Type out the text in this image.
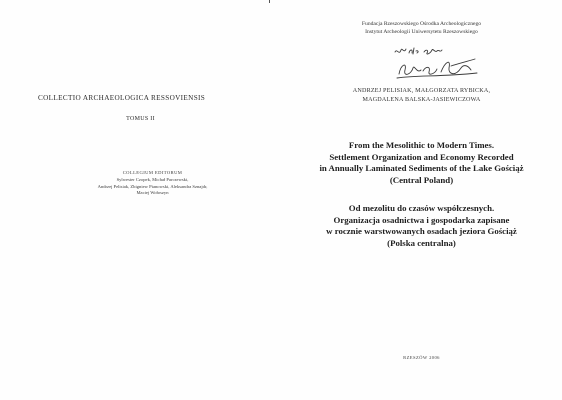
COLLECTIO ARCHAEOLOGICA RESSOVIENSIS
TOMUS II
COLLEGIUM EDITORUM
Sylwester Czopek, Michał Parczewski,
Andrzej Pelisiak, Zbigniew Pianowski, Aleksandra Sznajdr,
Maciej Wołoszyn
Fundacja Rzeszowskiego Ośrodka Archeologicznego
Instytut Archeologii Uniwersytetu Rzeszowskiego
ANDRZEJ PELISIAK, MAŁGORZATA RYBICKA,
MAGDALENA BALSKA-JASIEWICZOWA
From the Mesolithic to Modern Times.
Settlement Organization and Economy Recorded
in Annually Laminated Sediments of the Lake Gościąż
(Central Poland)
Od mezolitu do czasów współczesnych.
Organizacja osadnictwa i gospodarka zapisane
w rocznie warstwowanych osadach jeziora Gościąż
(Polska centralna)
RZESZÓW 2006
